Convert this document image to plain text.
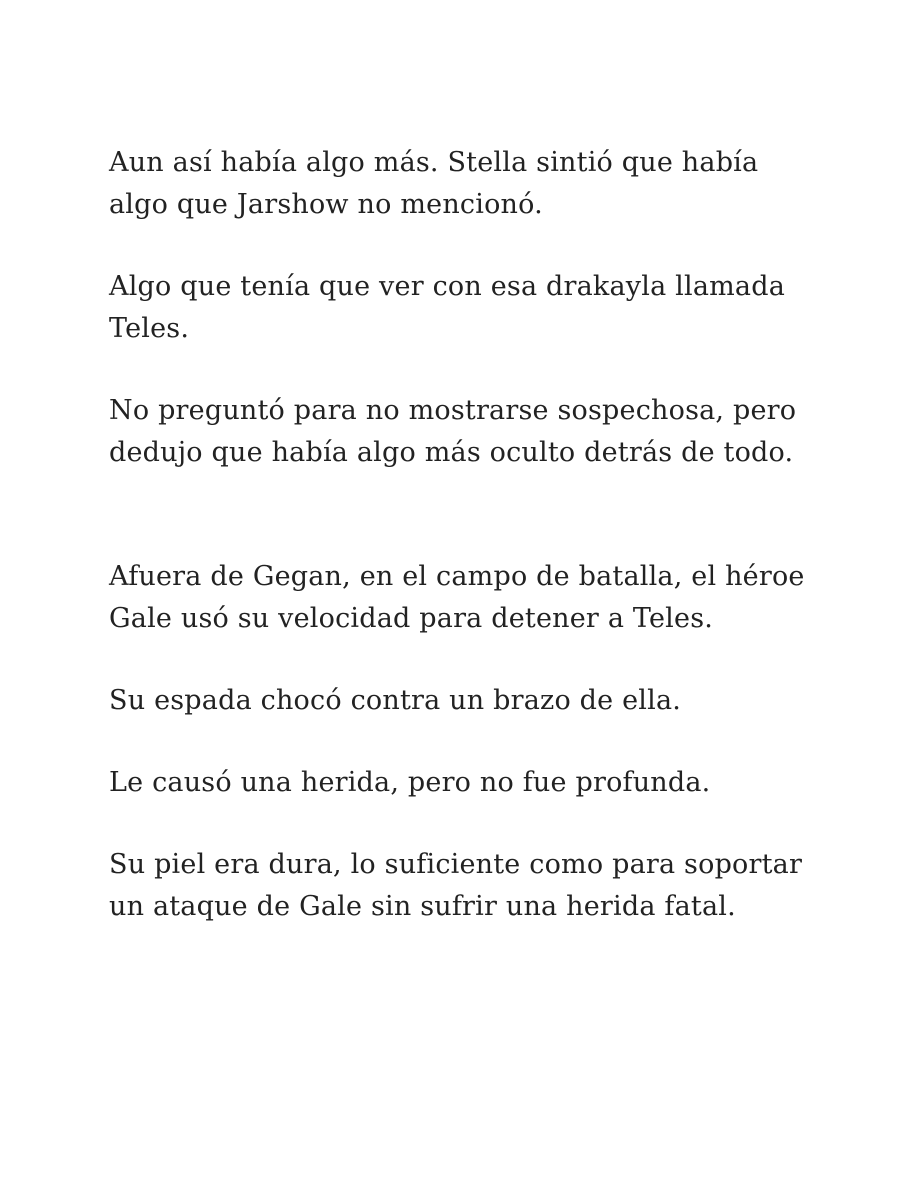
Aun así había algo más. Stella sintió que había algo que Jarshow no mencionó.

Algo que tenía que ver con esa drakayla llamada Teles.

No preguntó para no mostrarse sospechosa, pero dedujo que había algo más oculto detrás de todo.

Afuera de Gegan, en el campo de batalla, el héroe Gale usó su velocidad para detener a Teles.

Su espada chocó contra un brazo de ella.

Le causó una herida, pero no fue profunda.

Su piel era dura, lo suficiente como para soportar un ataque de Gale sin sufrir una herida fatal.
